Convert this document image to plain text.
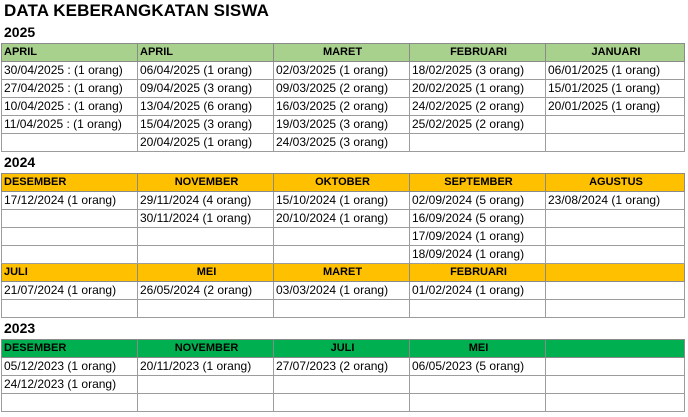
DATA KEBERANGKATAN SISWA
2025
APRIL	APRIL	MARET	FEBRUARI	JANUARI
30/04/2025 : (1 orang)	06/04/2025 (1 orang)	02/03/2025 (1 orang)	18/02/2025 (3 orang)	06/01/2025 (1 orang)
27/04/2025 : (1 orang)	09/04/2025 (3 orang)	09/03/2025 (2 orang)	20/02/2025 (1 orang)	15/01/2025 (1 orang)
10/04/2025 : (1 orang)	13/04/2025 (6 orang)	16/03/2025 (2 orang)	24/02/2025 (2 orang)	20/01/2025 (1 orang)
11/04/2025 : (1 orang)	15/04/2025 (3 orang)	19/03/2025 (3 orang)	25/02/2025 (2 orang)	
	20/04/2025 (1 orang)	24/03/2025 (3 orang)		
2024
DESEMBER	NOVEMBER	OKTOBER	SEPTEMBER	AGUSTUS
17/12/2024 (1 orang)	29/11/2024 (4 orang)	15/10/2024 (1 orang)	02/09/2024 (5 orang)	23/08/2024 (1 orang)
	30/11/2024 (1 orang)	20/10/2024 (1 orang)	16/09/2024 (5 orang)	
			17/09/2024 (1 orang)	
			18/09/2024 (1 orang)	
JULI	MEI	MARET	FEBRUARI	
21/07/2024 (1 orang)	26/05/2024 (2 orang)	03/03/2024 (1 orang)	01/02/2024 (1 orang)	

2023
DESEMBER	NOVEMBER	JULI	MEI	
05/12/2023 (1 orang)	20/11/2023 (1 orang)	27/07/2023 (2 orang)	06/05/2023 (5 orang)	
24/12/2023 (1 orang)				
